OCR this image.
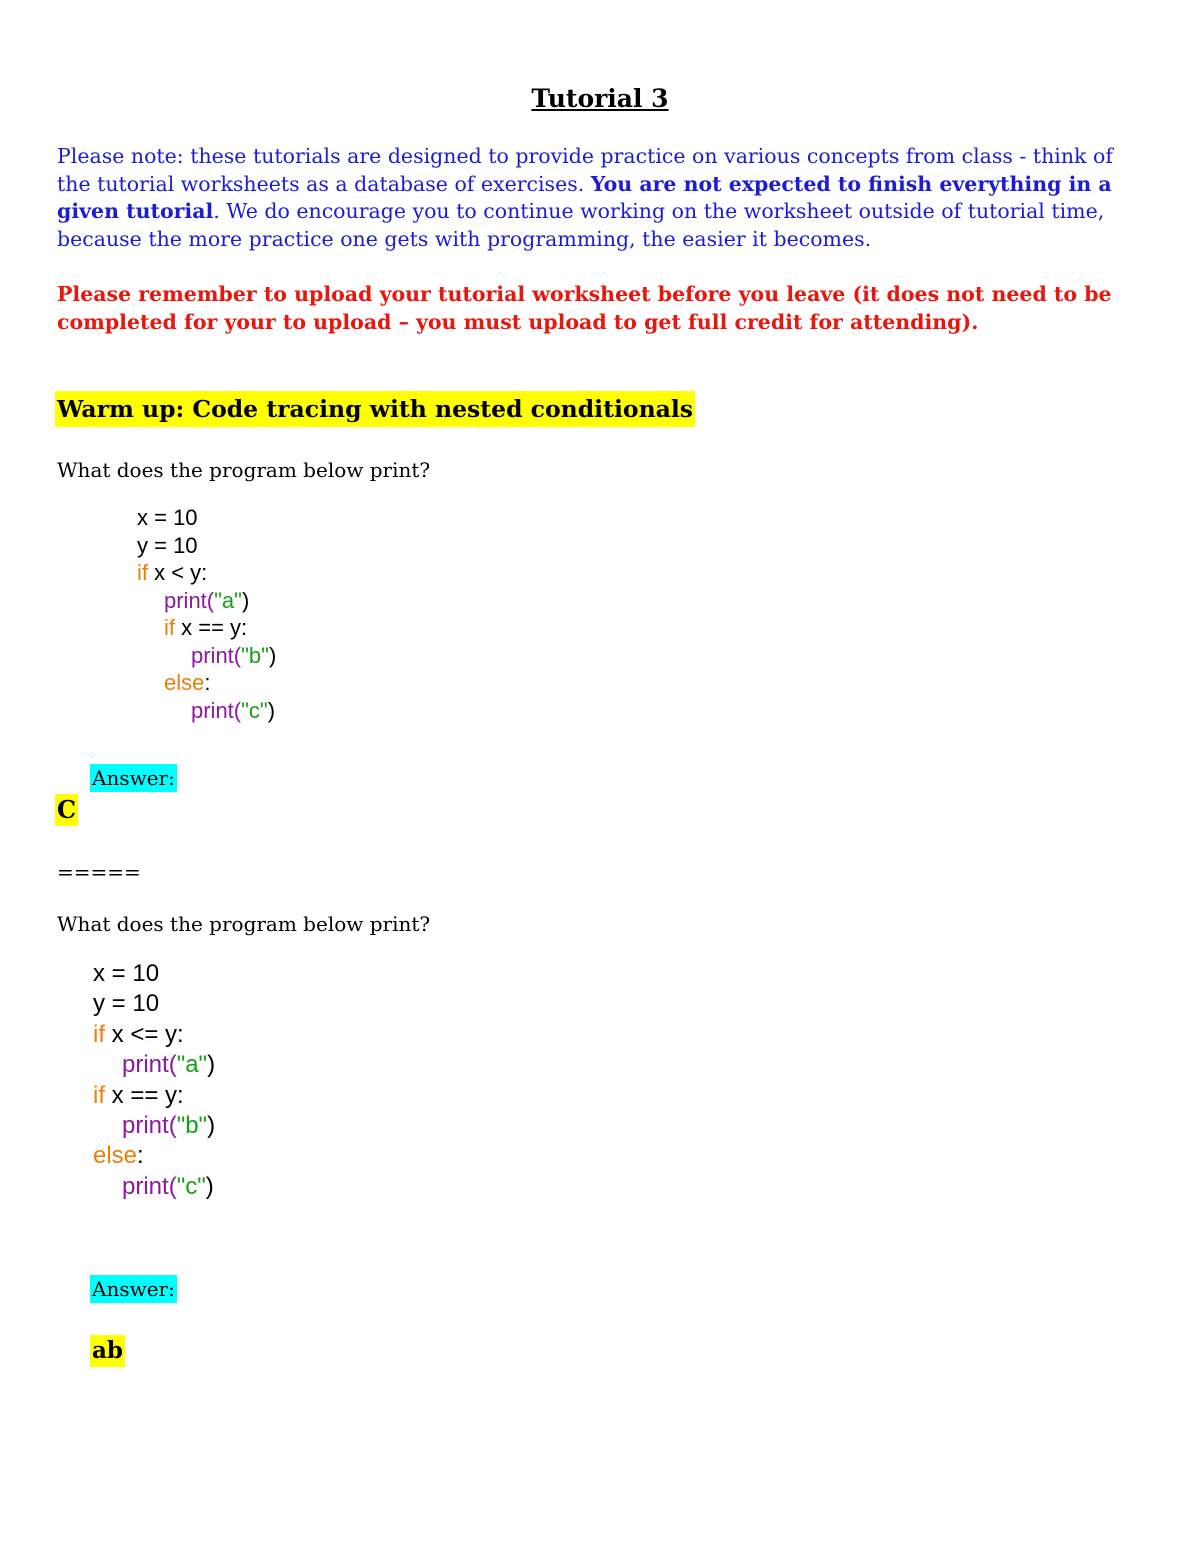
Tutorial 3
Please note: these tutorials are designed to provide practice on various concepts from class - think of the tutorial worksheets as a database of exercises. You are not expected to finish everything in a given tutorial. We do encourage you to continue working on the worksheet outside of tutorial time, because the more practice one gets with programming, the easier it becomes.
Please remember to upload your tutorial worksheet before you leave (it does not need to be completed for your to upload – you must upload to get full credit for attending).
Warm up: Code tracing with nested conditionals
What does the program below print?
x = 10
y = 10
if x < y:
print("a")
if x == y:
print("b")
else:
print("c")
Answer:
C
=====
What does the program below print?
x = 10
y = 10
if x <= y:
print("a")
if x == y:
print("b")
else:
print("c")
Answer:
ab
